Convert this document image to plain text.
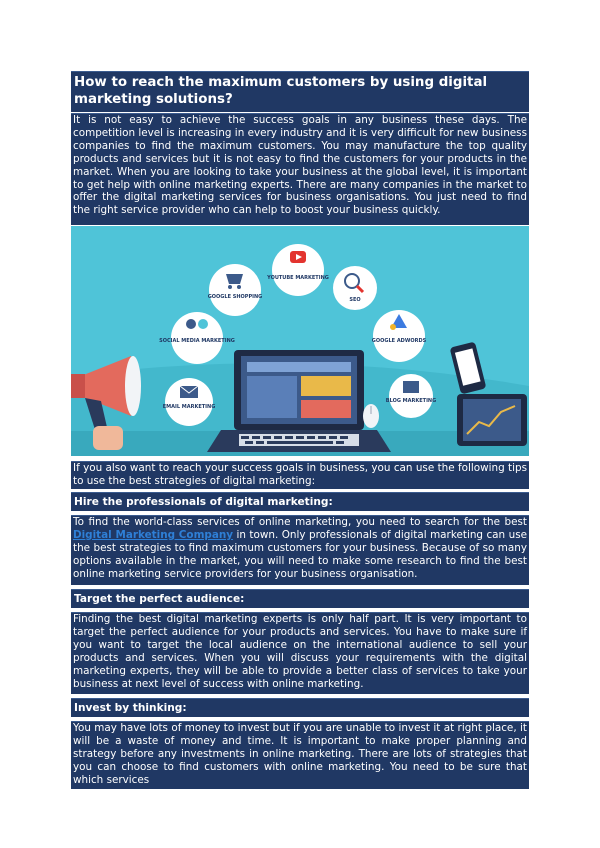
How to reach the maximum customers by using digital marketing solutions?
It is not easy to achieve the success goals in any business these days. The competition level is increasing in every industry and it is very difficult for new business companies to find the maximum customers. You may manufacture the top quality products and services but it is not easy to find the customers for your products in the market. When you are looking to take your business at the global level, it is important to get help with online marketing experts. There are many companies in the market to offer the digital marketing services for business organisations. You just need to find the right service provider who can help to boost your business quickly.
YOUTUBE MARKETING
GOOGLE SHOPPING	SEO
SOCIAL MEDIA MARKETING	GOOGLE ADWORDS
EMAIL MARKETING
BLOG MARKETING
If you also want to reach your success goals in business, you can use the following tips to use the best strategies of digital marketing:
Hire the professionals of digital marketing:
To find the world-class services of online marketing, you need to search for the best Digital Marketing Company in town. Only professionals of digital marketing can use the best strategies to find maximum customers for your business. Because of so many options available in the market, you will need to make some research to find the best online marketing service providers for your business organisation.
Target the perfect audience:
Finding the best digital marketing experts is only half part. It is very important to target the perfect audience for your products and services. You have to make sure if you want to target the local audience on the international audience to sell your products and services. When you will discuss your requirements with the digital marketing experts, they will be able to provide a better class of services to take your business at next level of success with online marketing.
Invest by thinking:
You may have lots of money to invest but if you are unable to invest it at right place, it will be a waste of money and time. It is important to make proper planning and strategy before any investments in online marketing. There are lots of strategies that you can choose to find customers with online marketing. You need to be sure that which services
